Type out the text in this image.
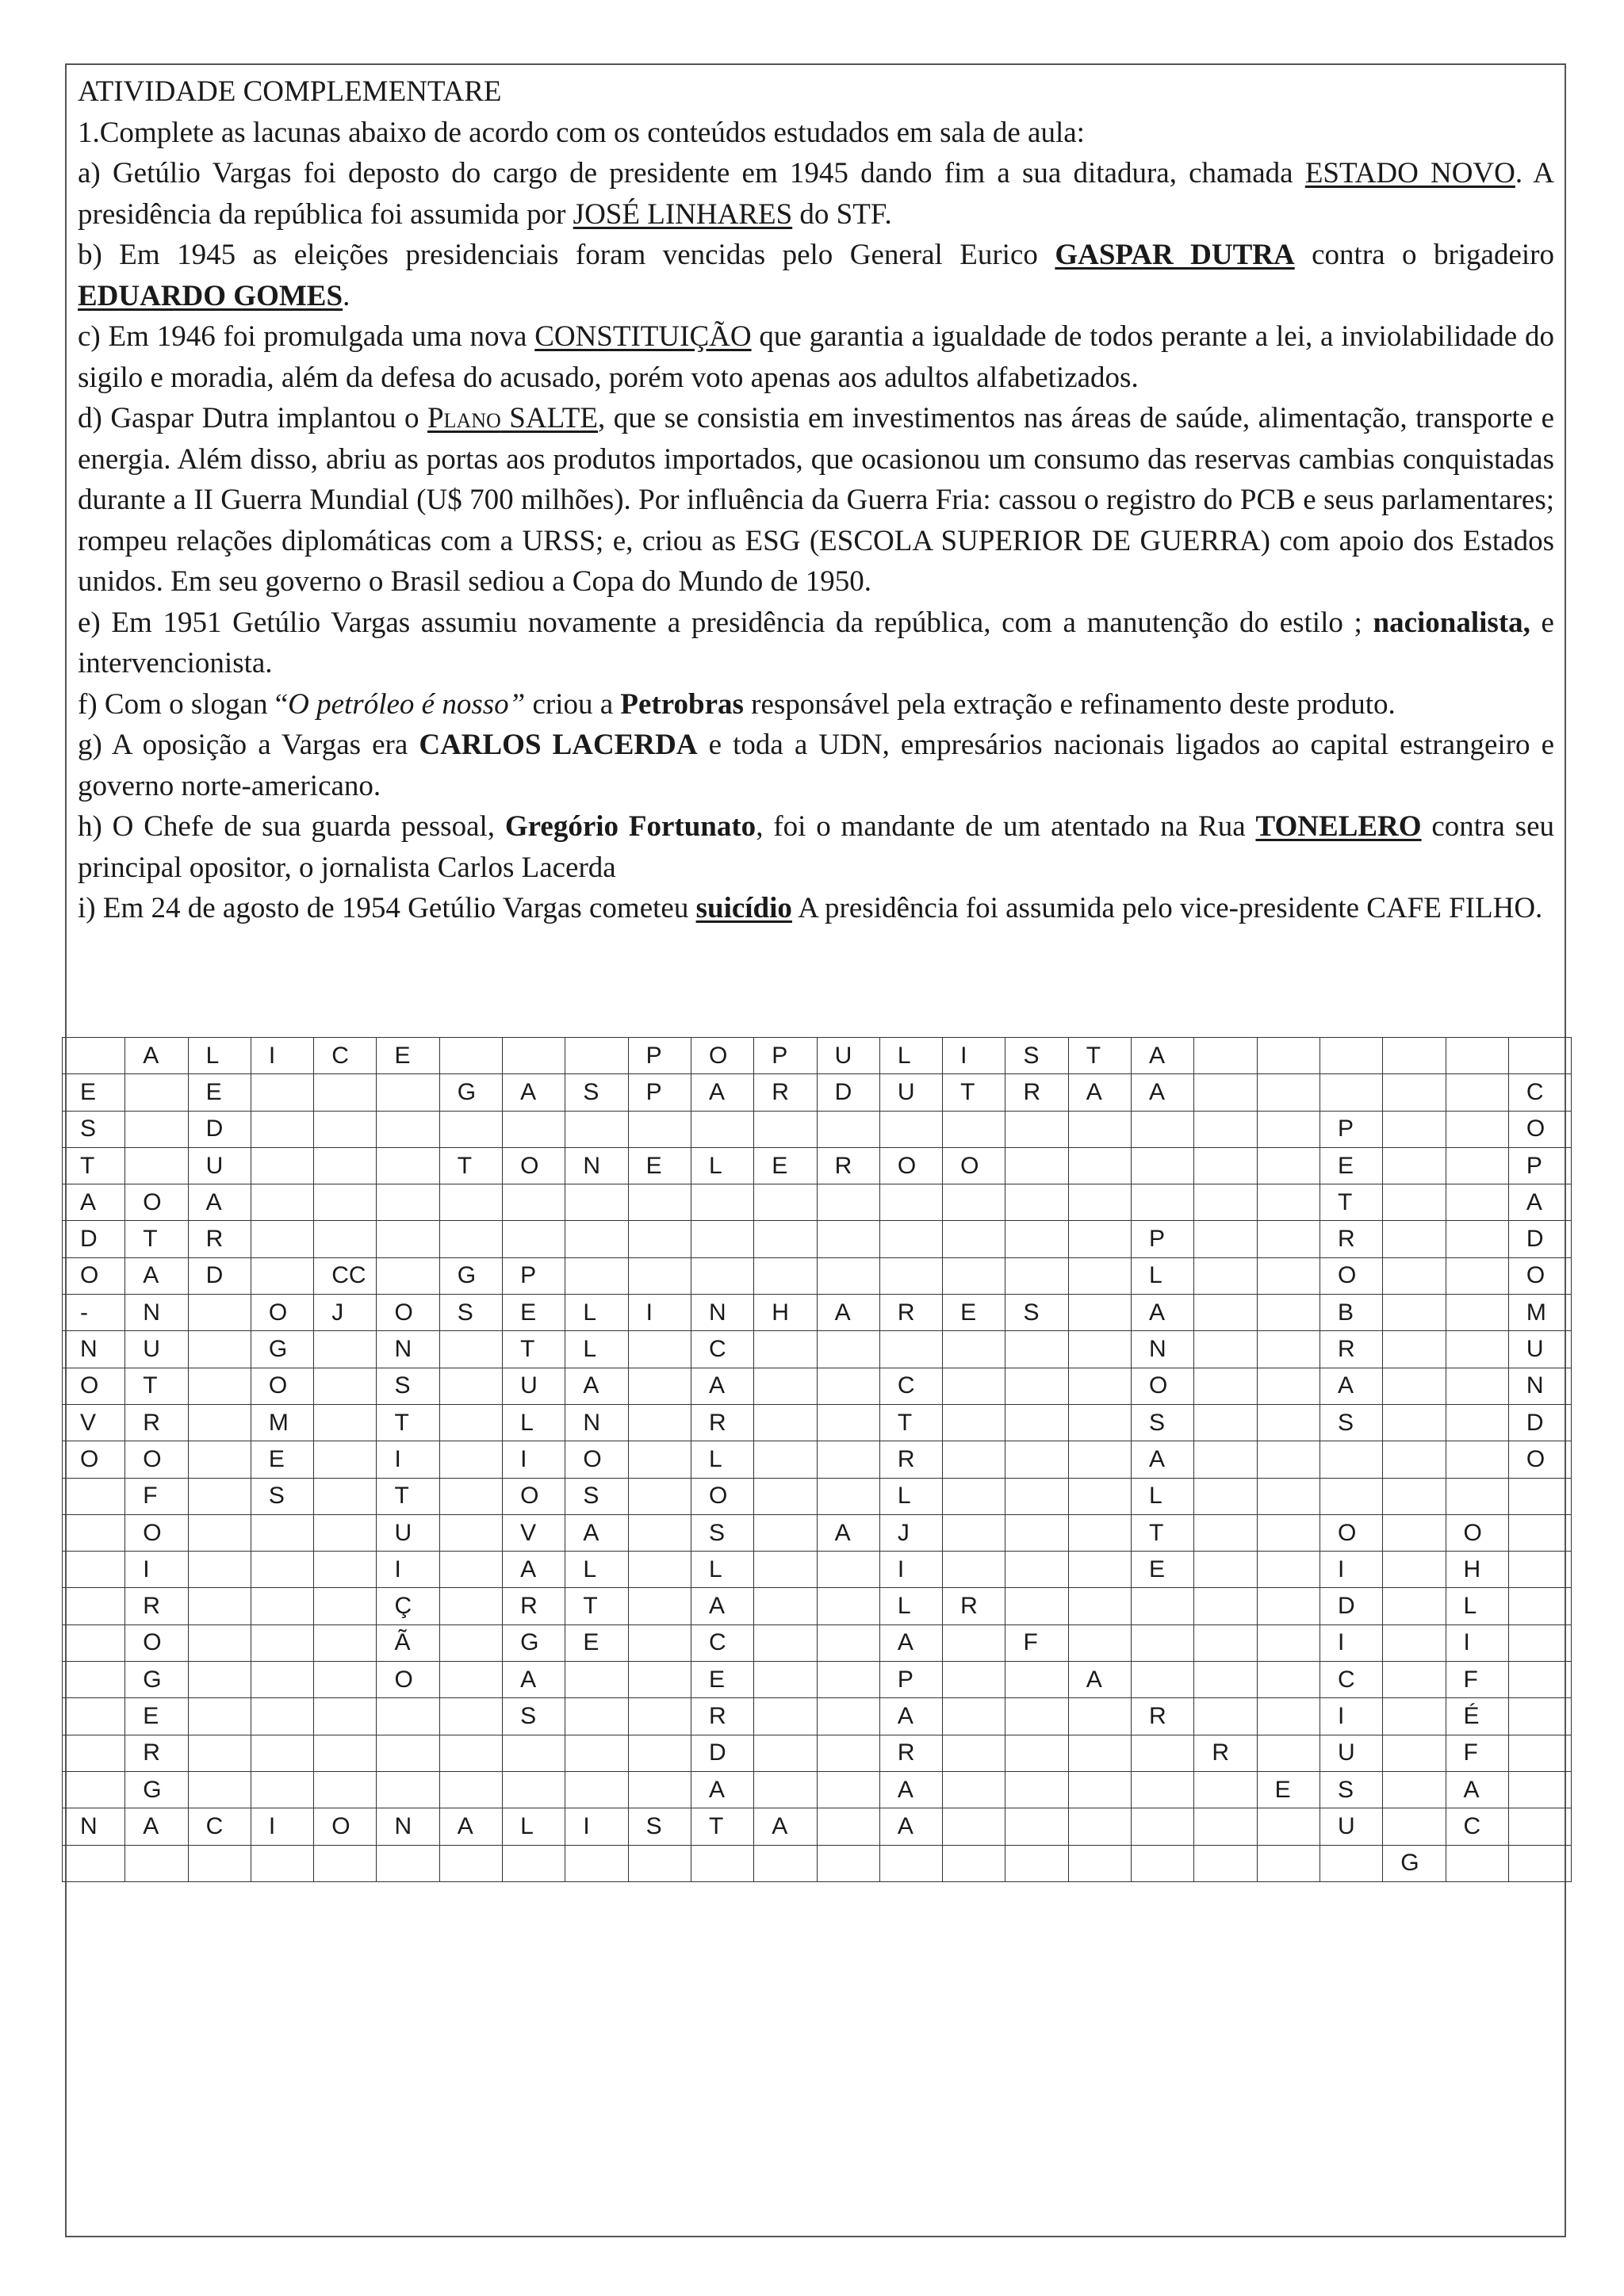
ATIVIDADE COMPLEMENTARE

1.Complete as lacunas abaixo de acordo com os conteúdos estudados em sala de aula:

a) Getúlio Vargas foi deposto do cargo de presidente em 1945 dando fim a sua ditadura, chamada ESTADO NOVO. A presidência da república foi assumida por JOSÉ LINHARES do STF.

b) Em 1945 as eleições presidenciais foram vencidas pelo General Eurico GASPAR DUTRA contra o brigadeiro EDUARDO GOMES.

c) Em 1946 foi promulgada uma nova CONSTITUIÇÃO que garantia a igualdade de todos perante a lei, a inviolabilidade do sigilo e moradia, além da defesa do acusado, porém voto apenas aos adultos alfabetizados.

d) Gaspar Dutra implantou o Plano SALTE, que se consistia em investimentos nas áreas de saúde, alimentação, transporte e energia. Além disso, abriu as portas aos produtos importados, que ocasionou um consumo das reservas cambias conquistadas durante a II Guerra Mundial (U$ 700 milhões). Por influência da Guerra Fria: cassou o registro do PCB e seus parlamentares; rompeu relações diplomáticas com a URSS; e, criou as ESG (ESCOLA SUPERIOR DE GUERRA) com apoio dos Estados unidos. Em seu governo o Brasil sediou a Copa do Mundo de 1950.

e) Em 1951 Getúlio Vargas assumiu novamente a presidência da república, com a manutenção do estilo ; nacionalista, e intervencionista.

f) Com o slogan “O petróleo é nosso” criou a Petrobras responsável pela extração e refinamento deste produto.

g) A oposição a Vargas era CARLOS LACERDA e toda a UDN, empresários nacionais ligados ao capital estrangeiro e governo norte-americano.

h) O Chefe de sua guarda pessoal, Gregório Fortunato, foi o mandante de um atentado na Rua TONELERO contra seu principal opositor, o jornalista Carlos Lacerda

i) Em 24 de agosto de 1954 Getúlio Vargas cometeu suicídio A presidência foi assumida pelo vice-presidente CAFE FILHO.

	A	L	I	C	E				P	O	P	U	L	I	S	T	A						
E		E				G	A	S	P	A	R	D	U	T	R	A	A						C
S		D																		P			O
T		U				T	O	N	E	L	E	R	O	O						E			P
A	O	A																		T			A
D	T	R															P			R			D
O	A	D		CC		G	P										L			O			O
-	N		O	J	O	S	E	L	I	N	H	A	R	E	S		A			B			M
N	U		G		N		T	L		C							N			R			U
O	T		O		S		U	A		A			C				O			A			N
V	R		M		T		L	N		R			T				S			S			D
O	O		E		I		I	O		L			R				A						O
	F		S		T		O	S		O			L				L						
	O				U		V	A		S		A	J				T			O		O	
	I				I		A	L		L			I				E			I		H	
	R				Ç		R	T		A			L	R						D		L	
	O				Ã		G	E		C			A		F					I		I	
	G				O		A			E			P			A				C		F	
	E						S			R			A				R			I		É	
	R									D			R					R		U		F	
	G									A			A						E	S		A	
N	A	C	I	O	N	A	L	I	S	T	A		A							U		C	
																					G		
